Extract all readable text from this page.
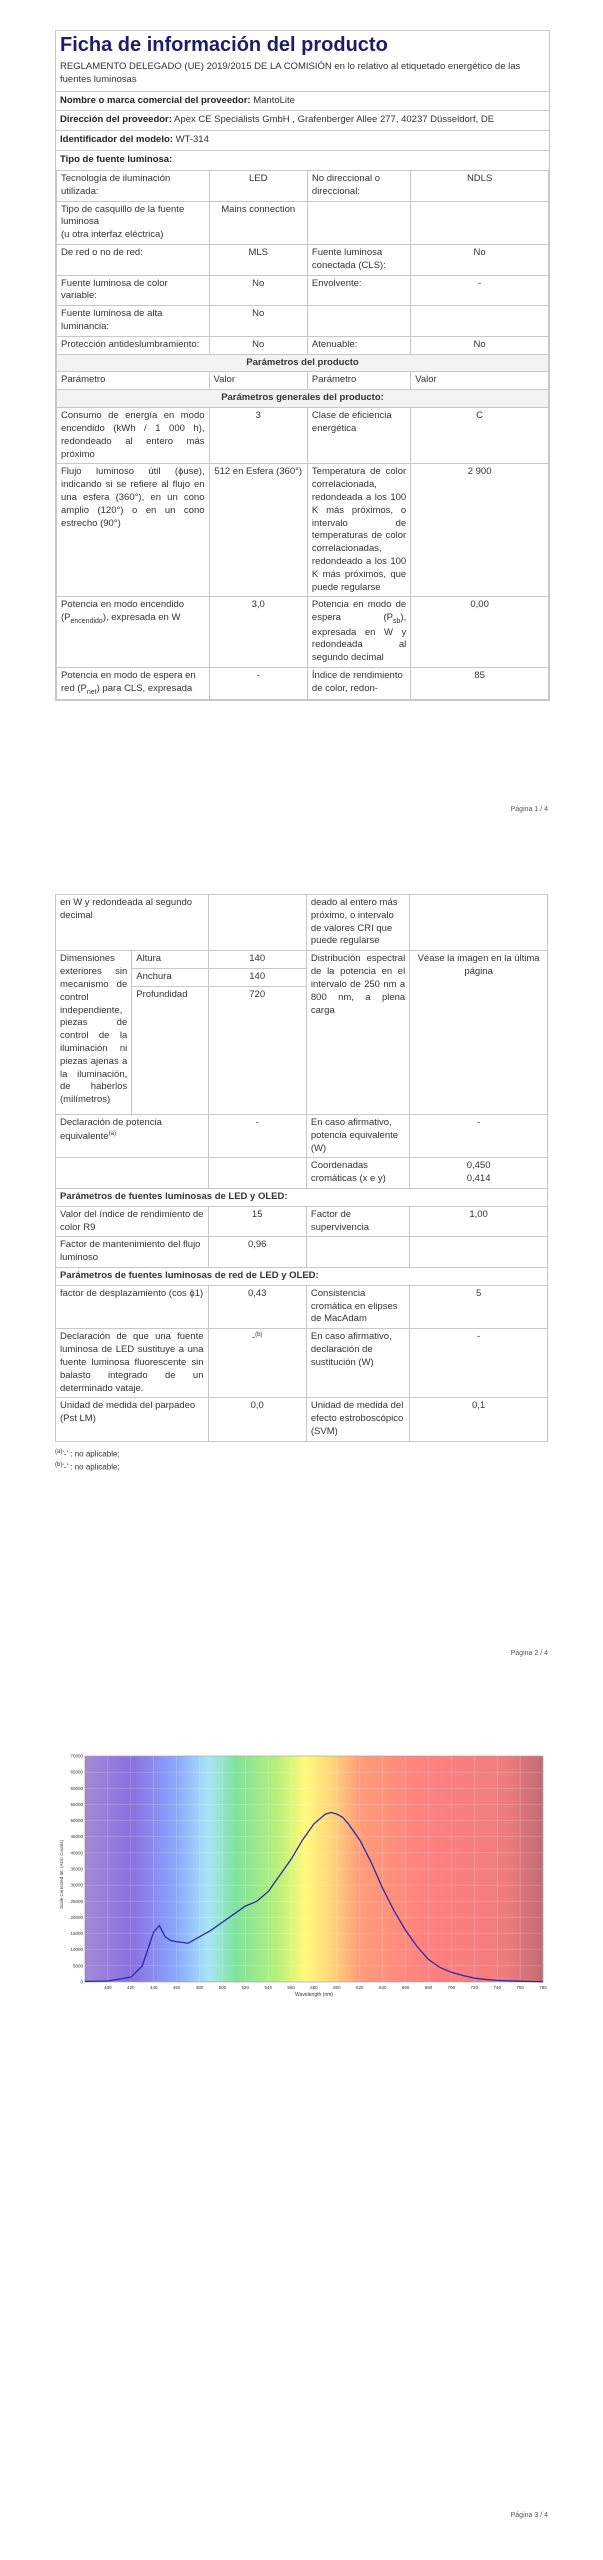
Ficha de información del producto
REGLAMENTO DELEGADO (UE) 2019/2015 DE LA COMISIÓN en lo relativo al etiquetado energético de las fuentes luminosas
Nombre o marca comercial del proveedor: MantoLite
Dirección del proveedor: Apex CE Specialists GmbH , Grafenberger Allee 277, 40237 Düsseldorf, DE
Identificador del modelo: WT-314
Tipo de fuente luminosa:
Tecnología de iluminación utilizada:	LED	No direccional o direccional:	NDLS
Tipo de casquillo de la fuente luminosa
(u otra interfaz eléctrica)	Mains connection		
De red o no de red:	MLS	Fuente luminosa conectada (CLS):	No
Fuente luminosa de color variable:	No	Envolvente:	-
Fuente luminosa de alta luminancia:	No		
Protección antideslumbramiento:	No	Atenuable:	No
Parámetros del producto			
Parámetro	Valor	Parámetro	Valor
Parámetros generales del producto:			
Consumo de energía en modo encendido (kWh / 1 000 h), redondeado al entero más próximo	3	Clase de eficiencia energética	C
Flujo luminoso útil (ϕuse), indicando si se refiere al flujo en una esfera (360°), en un cono amplio (120°) o en un cono estrecho (90°)	512 en Esfera (360°)	Temperatura de color correlacionada, redondeada a los 100 K más próximos, o intervalo de temperaturas de color correlacionadas, redondeado a los 100 K más próximos, que puede regularse	2 900
Potencia en modo encendido $(P_{encendido})$, expresada en W	3,0	Potencia en modo de espera $(P_{sb})$, expresada en W y redondeada al segundo decimal	0,00
Potencia en modo de espera en red $(P_{net})$ para CLS, expresada	-	Índice de rendimiento de color, redon-	85
Página 1 / 4
en W y redondeada al segundo decimal			deado al entero más próximo, o intervalo de valores CRI que puede regularse	
Dimensiones exteriores sin mecanismo de control independiente, piezas de control de la iluminación ni piezas ajenas a la iluminación, de haberlos (milímetros)	Altura	140	Distribución espectral de la potencia en el intervalo de 250 nm a 800 nm, a plena carga	Véase la imagen en la última página
	Anchura	140		
	Profundidad	720		
Declaración de potencia equivalente$^{(a)}$		-	En caso afirmativo, potencia equivalente (W)	-
			Coordenadas cromáticas (x e y)	0,450
0,414
Parámetros de fuentes luminosas de LED y OLED:				
Valor del índice de rendimiento de color R9		15	Factor de supervivencia	1,00
Factor de mantenimiento del flujo luminoso		0,96		
Parámetros de fuentes luminosas de red de LED y OLED:				
factor de desplazamiento (cos ϕ1)		0,43	Consistencia cromática en elipses de MacAdam	5
Declaración de que una fuente luminosa de LED sustituye a una fuente luminosa fluorescente sin balasto integrado de un determinado vataje.		-$^{(b)}$	En caso afirmativo, declaración de sustitución (W)	-
Unidad de medida del parpadeo (Pst LM)		0,0	Unidad de medida del efecto estroboscópico (SVM)	0,1
$^{(a)}$'-' : no aplicable;
$^{(b)}$'-' : no aplicable;
Página 2 / 4
0
5000
10000
15000
20000
25000
30000
35000
40000
45000
50000
55000
60000
65000
70000
400	420	440	460	480	500	520	540	560	580	600	620	640	660	680	700	720	740	760	780
Scale Corrected Int. (ADC Counts)
Wavelength (nm)
Página 3 / 4
